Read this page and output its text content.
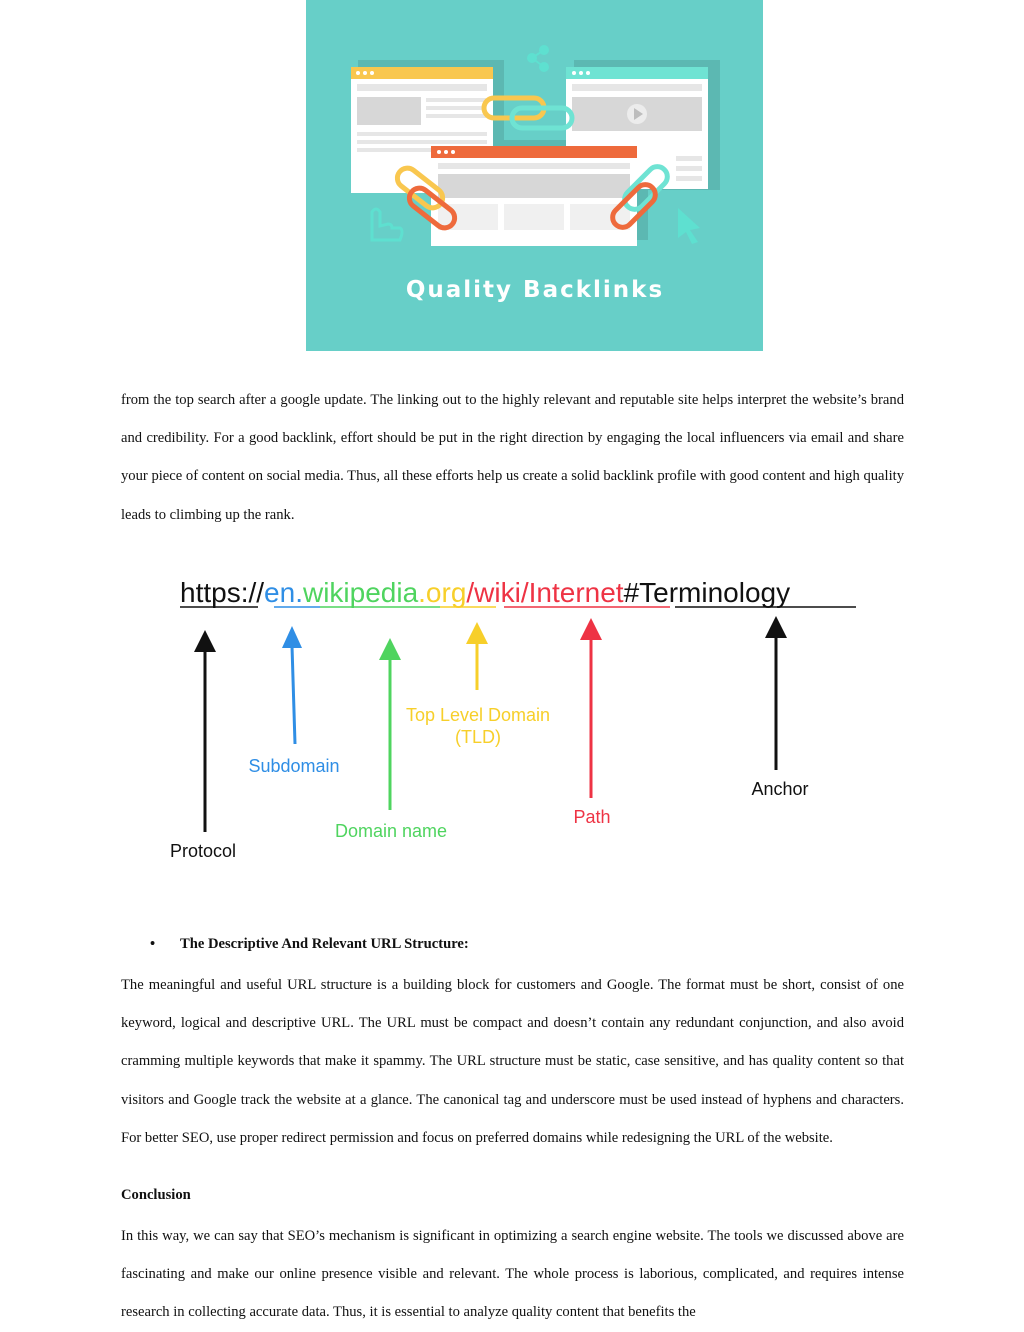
Quality Backlinks

from the top search after a google update. The linking out to the highly relevant and reputable site helps interpret the website’s brand and credibility. For a good backlink, effort should be put in the right direction by engaging the local influencers via email and share your piece of content on social media. Thus, all these efforts help us create a solid backlink profile with good content and high quality leads to climbing up the rank.

https://en.wikipedia.org/wiki/Internet#Terminology
Protocol
Subdomain
Domain name
Top Level Domain
(TLD)
Path
Anchor
• The Descriptive And Relevant URL Structure:

The meaningful and useful URL structure is a building block for customers and Google. The format must be short, consist of one keyword, logical and descriptive URL. The URL must be compact and doesn’t contain any redundant conjunction, and also avoid cramming multiple keywords that make it spammy. The URL structure must be static, case sensitive, and has quality content so that visitors and Google track the website at a glance. The canonical tag and underscore must be used instead of hyphens and characters. For better SEO, use proper redirect permission and focus on preferred domains while redesigning the URL of the website.

Conclusion

In this way, we can say that SEO’s mechanism is significant in optimizing a search engine website. The tools we discussed above are fascinating and make our online presence visible and relevant. The whole process is laborious, complicated, and requires intense research in collecting accurate data. Thus, it is essential to analyze quality content that benefits the
